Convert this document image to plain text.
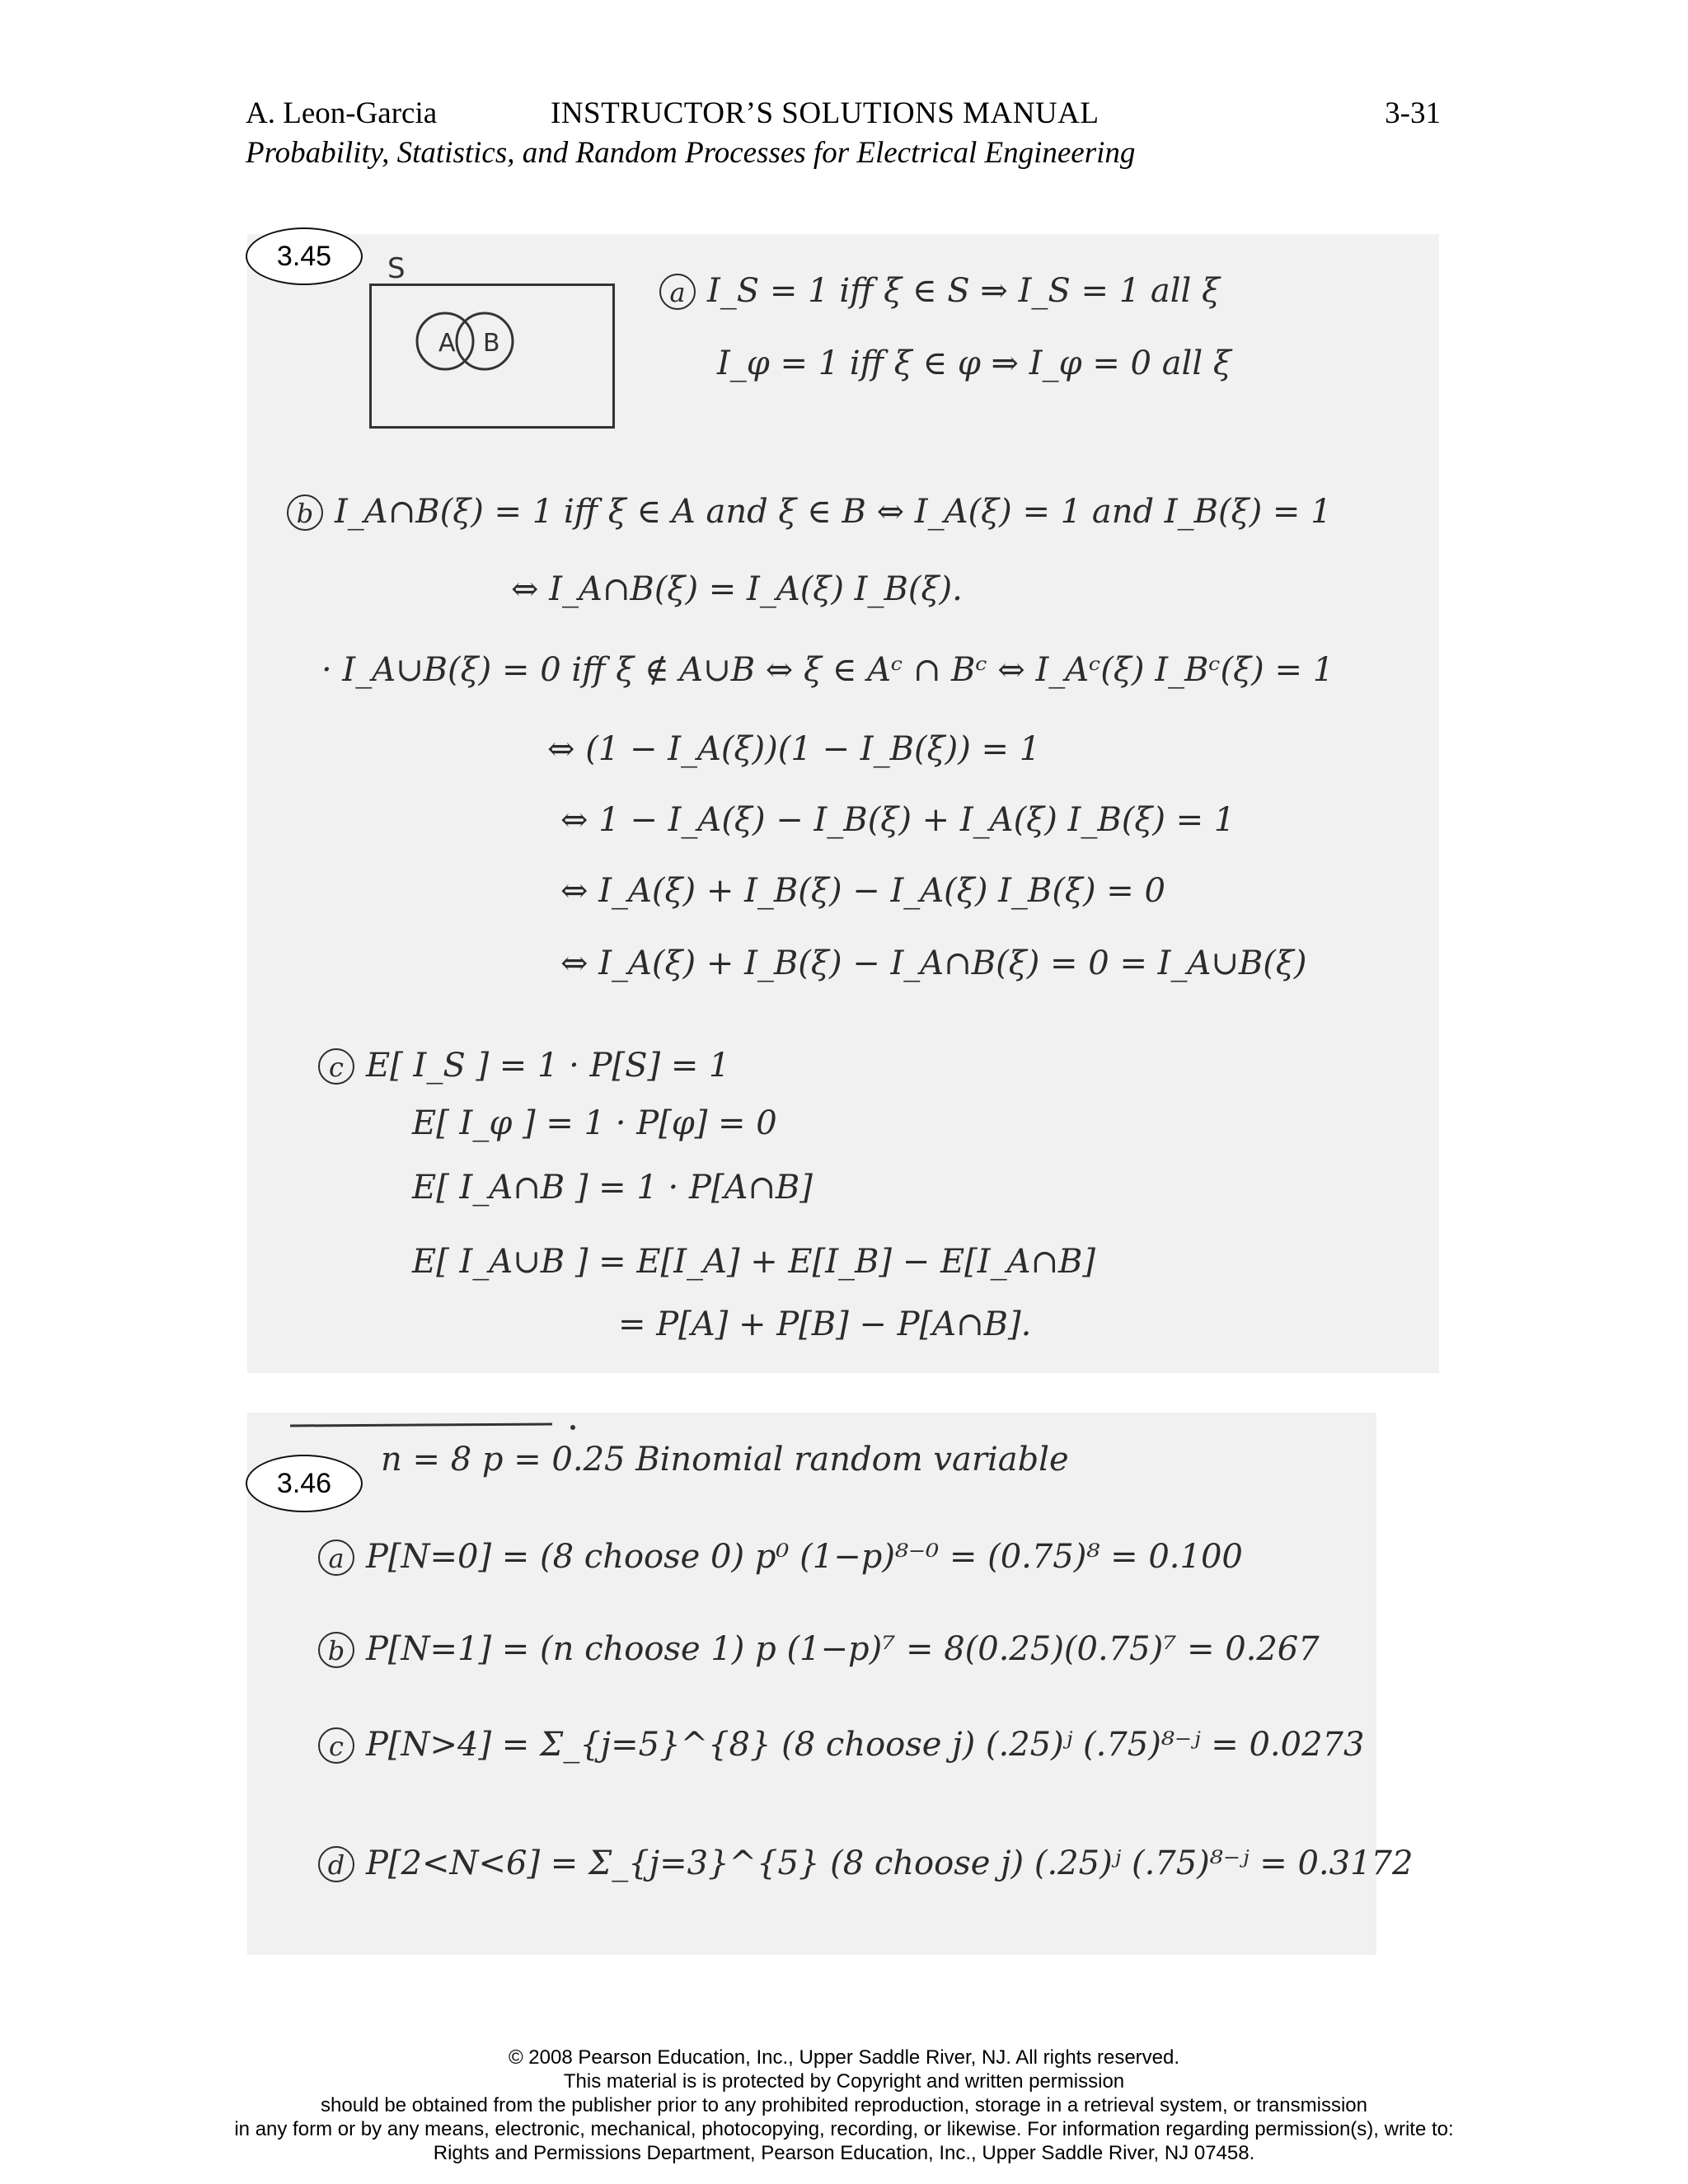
A. Leon-Garcia	INSTRUCTOR’S SOLUTIONS MANUAL	3-31
Probability, Statistics, and Random Processes for Electrical Engineering
3.45	S
A B
a I_S = 1 iff ξ ∈ S ⇒ I_S = 1 all ξ
I_φ = 1 iff ξ ∈ φ ⇒ I_φ = 0 all ξ
b I_A∩B(ξ) = 1 iff ξ ∈ A and ξ ∈ B ⇔ I_A(ξ) = 1 and I_B(ξ) = 1
⇔ I_A∩B(ξ) = I_A(ξ) I_B(ξ).
· I_A∪B(ξ) = 0 iff ξ ∉ A∪B ⇔ ξ ∈ Aᶜ ∩ Bᶜ ⇔ I_Aᶜ(ξ) I_Bᶜ(ξ) = 1
⇔ (1 − I_A(ξ))(1 − I_B(ξ)) = 1
⇔ 1 − I_A(ξ) − I_B(ξ) + I_A(ξ) I_B(ξ) = 1
⇔ I_A(ξ) + I_B(ξ) − I_A(ξ) I_B(ξ) = 0
⇔ I_A(ξ) + I_B(ξ) − I_A∩B(ξ) = 0 = I_A∪B(ξ)
c E[ I_S ] = 1 · P[S] = 1
E[ I_φ ] = 1 · P[φ] = 0
E[ I_A∩B ] = 1 · P[A∩B]
E[ I_A∪B ] = E[I_A] + E[I_B] − E[I_A∩B]
= P[A] + P[B] − P[A∩B].
3.46
n = 8 p = 0.25 Binomial random variable
a P[N=0] = (8 choose 0) p⁰ (1−p)⁸⁻⁰ = (0.75)⁸ = 0.100
b P[N=1] = (n choose 1) p (1−p)⁷ = 8(0.25)(0.75)⁷ = 0.267
c P[N>4] = Σ_{j=5}^{8} (8 choose j) (.25)ʲ (.75)⁸⁻ʲ = 0.0273
d P[2<N<6] = Σ_{j=3}^{5} (8 choose j) (.25)ʲ (.75)⁸⁻ʲ = 0.3172
© 2008 Pearson Education, Inc., Upper Saddle River, NJ. All rights reserved.
This material is is protected by Copyright and written permission
should be obtained from the publisher prior to any prohibited reproduction, storage in a retrieval system, or transmission
in any form or by any means, electronic, mechanical, photocopying, recording, or likewise. For information regarding permission(s), write to:
Rights and Permissions Department, Pearson Education, Inc., Upper Saddle River, NJ 07458.
